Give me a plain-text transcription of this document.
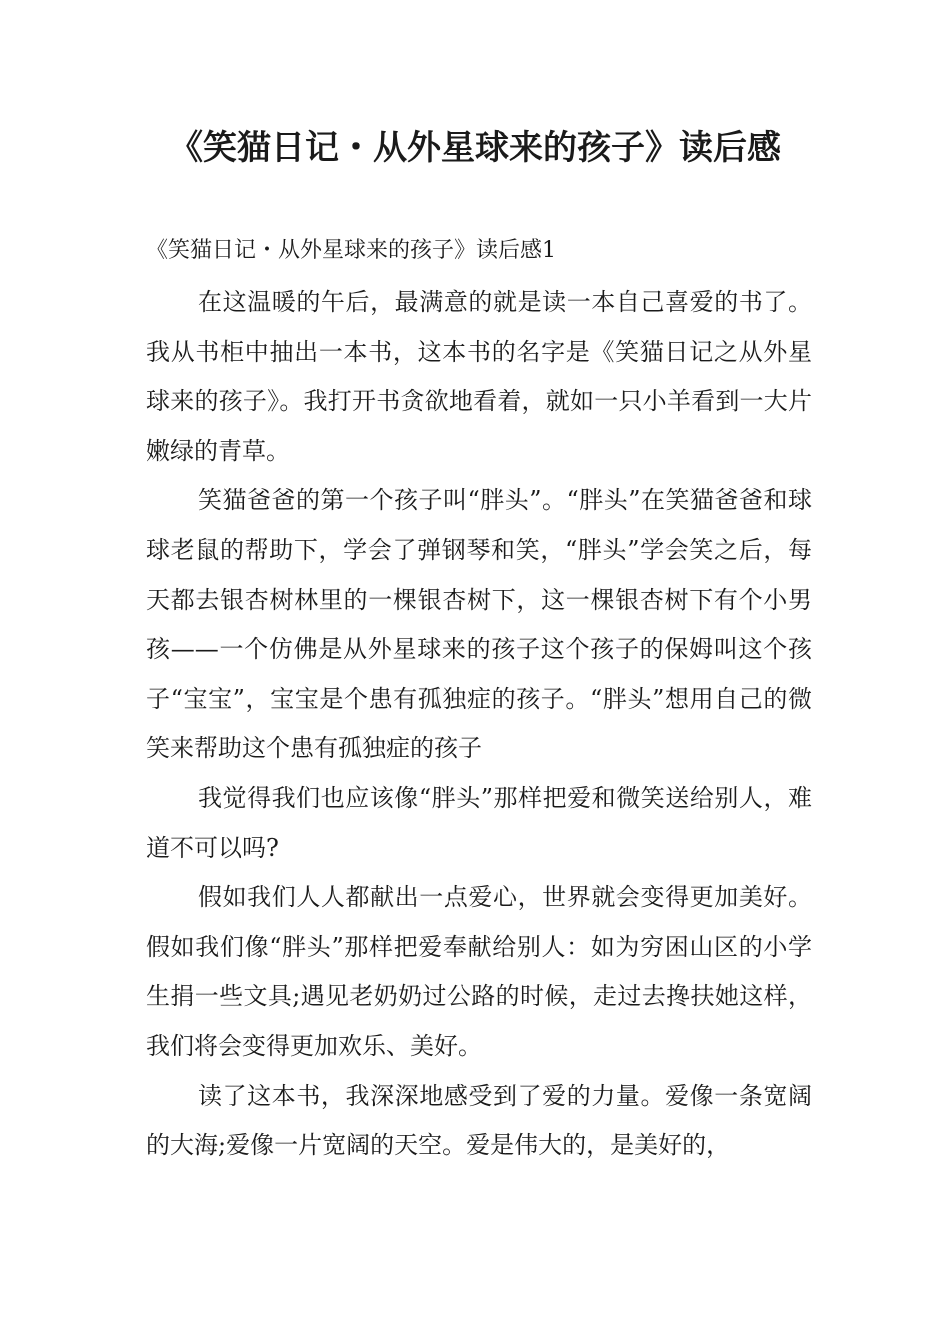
《笑猫日记・从外星球来的孩子》读后感

《笑猫日记・从外星球来的孩子》读后感1

在这温暖的午后，最满意的就是读一本自己喜爱的书了。我从书柜中抽出一本书，这本书的名字是《笑猫日记之从外星球来的孩子》。我打开书贪欲地看着，就如一只小羊看到一大片嫩绿的青草。

笑猫爸爸的第一个孩子叫“胖头”。“胖头”在笑猫爸爸和球球老鼠的帮助下，学会了弹钢琴和笑，“胖头”学会笑之后，每天都去银杏树林里的一棵银杏树下，这一棵银杏树下有个小男孩——一个仿佛是从外星球来的孩子这个孩子的保姆叫这个孩子“宝宝”，宝宝是个患有孤独症的孩子。“胖头”想用自己的微笑来帮助这个患有孤独症的孩子

我觉得我们也应该像“胖头”那样把爱和微笑送给别人，难道不可以吗?

假如我们人人都献出一点爱心，世界就会变得更加美好。假如我们像“胖头”那样把爱奉献给别人：如为穷困山区的小学生捐一些文具;遇见老奶奶过公路的时候，走过去搀扶她这样，我们将会变得更加欢乐、美好。

读了这本书，我深深地感受到了爱的力量。爱像一条宽阔的大海;爱像一片宽阔的天空。爱是伟大的，是美好的，
